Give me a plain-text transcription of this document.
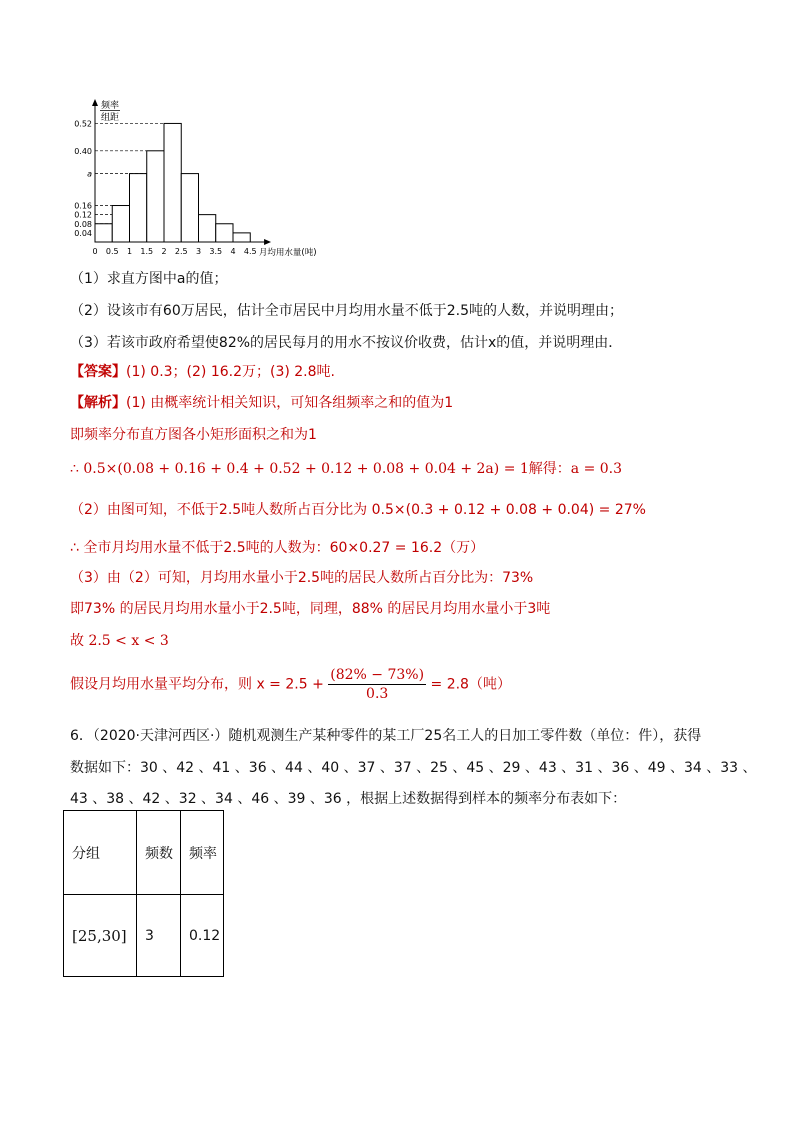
频率
组距
0.52
0.40
a
0.16
0.12
0.08
0.04
0 0.5 1 1.5 2 2.5 3 3.5 4 4.5 月均用水量(吨)
（1）求直方图中a的值；
（2）设该市有60万居民，估计全市居民中月均用水量不低于2.5吨的人数，并说明理由；
（3）若该市政府希望使82%的居民每月的用水不按议价收费，估计x的值，并说明理由．
【答案】(1) 0.3；(2) 16.2万；(3) 2.8吨.
【解析】(1) 由概率统计相关知识，可知各组频率之和的值为1
即频率分布直方图各小矩形面积之和为1
∴ 0.5×(0.08 + 0.16 + 0.4 + 0.52 + 0.12 + 0.08 + 0.04 + 2a) = 1解得：a = 0.3
（2）由图可知，不低于2.5吨人数所占百分比为 0.5×(0.3 + 0.12 + 0.08 + 0.04) = 27%
∴ 全市月均用水量不低于2.5吨的人数为：60×0.27 = 16.2（万）
（3）由（2）可知，月均用水量小于2.5吨的居民人数所占百分比为：73%
即73% 的居民月均用水量小于2.5吨，同理，88% 的居民月均用水量小于3吨
故 2.5 < x < 3
假设月均用水量平均分布，则 $x = 2.5 + \frac{(82\% - 73\%)}{0.3} = 2.8$（吨）
6．（2020·天津河西区·）随机观测生产某种零件的某工厂25名工人的日加工零件数（单位：件），获得
数据如下：30 、42 、41 、36 、44 、40 、37 、37 、25 、45 、29 、43 、31 、36 、49 、34 、33 、
43 、38 、42 、32 、34 、46 、39 、36 ，根据上述数据得到样本的频率分布表如下：
分组	频数	频率
[25,30]	3	0.12
